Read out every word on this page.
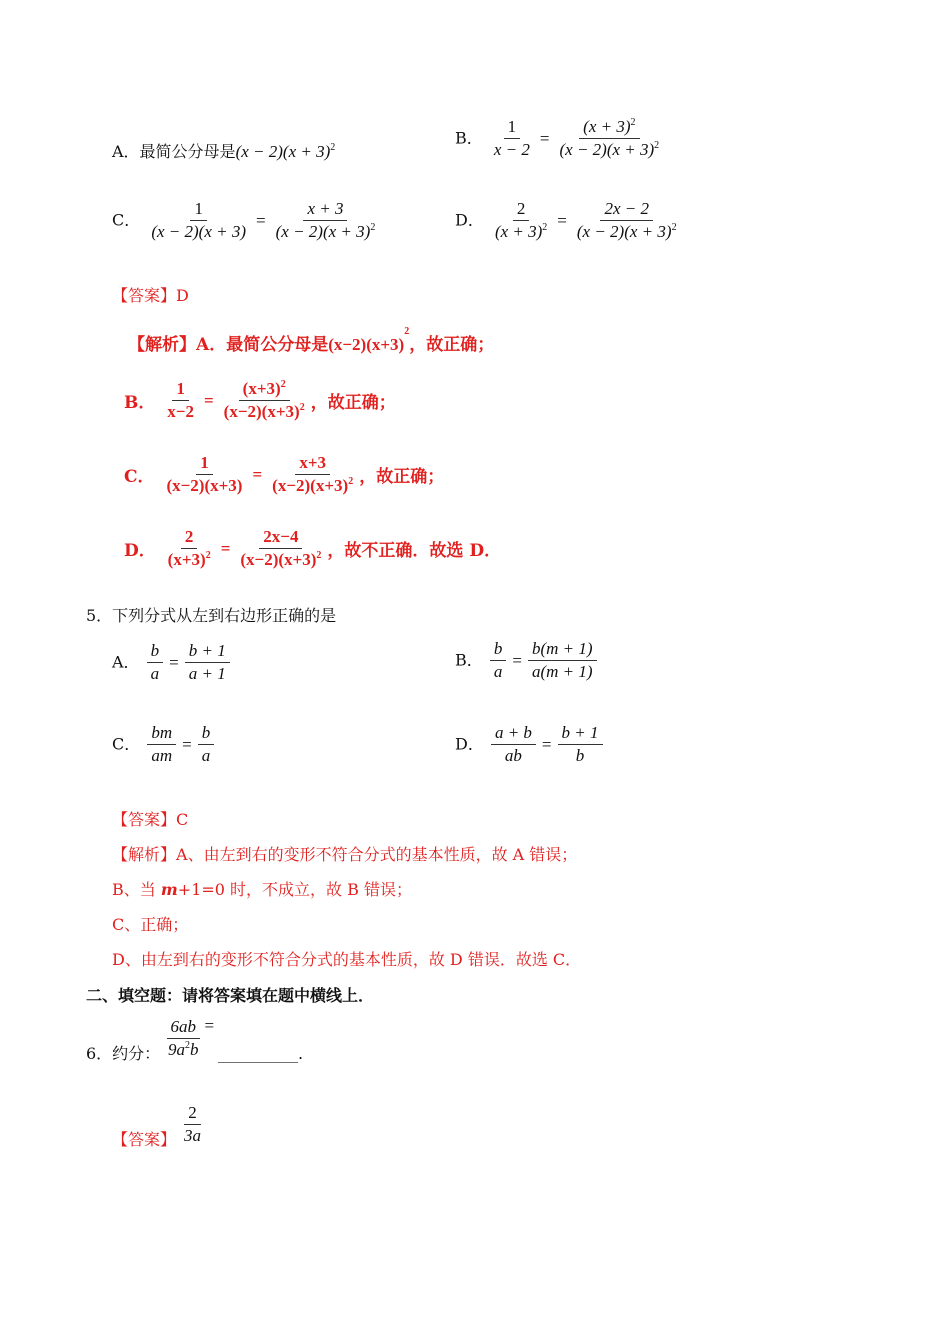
A．最简公分母是$(x - 2)(x + 3)^2$	B． $\frac{1}{x - 2} = \frac{(x + 3)^2}{(x - 2)(x + 3)^2}$
C． $\frac{1}{(x - 2)(x + 3)} = \frac{x + 3}{(x - 2)(x + 3)^2}$	D． $\frac{2}{(x + 3)^2} = \frac{2x - 2}{(x - 2)(x + 3)^2}$
【答案】D
【解析】A．最简公分母是$(x-2)(x+3)^2$，故正确；
B． $\frac{1}{x-2} = \frac{(x+3)^2}{(x-2)(x+3)^2}$ ，故正确；
C． $\frac{1}{(x-2)(x+3)} = \frac{x+3}{(x-2)(x+3)^2}$ ，故正确；
D． $\frac{2}{(x+3)^2} = \frac{2x-4}{(x-2)(x+3)^2}$ ，故不正确．故选 D．
5．下列分式从左到右边形正确的是
A． $\frac{b}{a} = \frac{b + 1}{a + 1}$	B． $\frac{b}{a} = \frac{b(m + 1)}{a(m + 1)}$
C． $\frac{bm}{am} = \frac{b}{a}$	D． $\frac{a + b}{ab} = \frac{b + 1}{b}$
【答案】C
【解析】A、由左到右的变形不符合分式的基本性质，故 A 错误；
B、当 m+1=0 时，不成立，故 B 错误；
C、正确；
D、由左到右的变形不符合分式的基本性质，故 D 错误．故选 C．
二、填空题：请将答案填在题中横线上．
6．约分： $\frac{6ab}{9a^2b}$ =
__________.
【答案】 $\frac{2}{3a}$
